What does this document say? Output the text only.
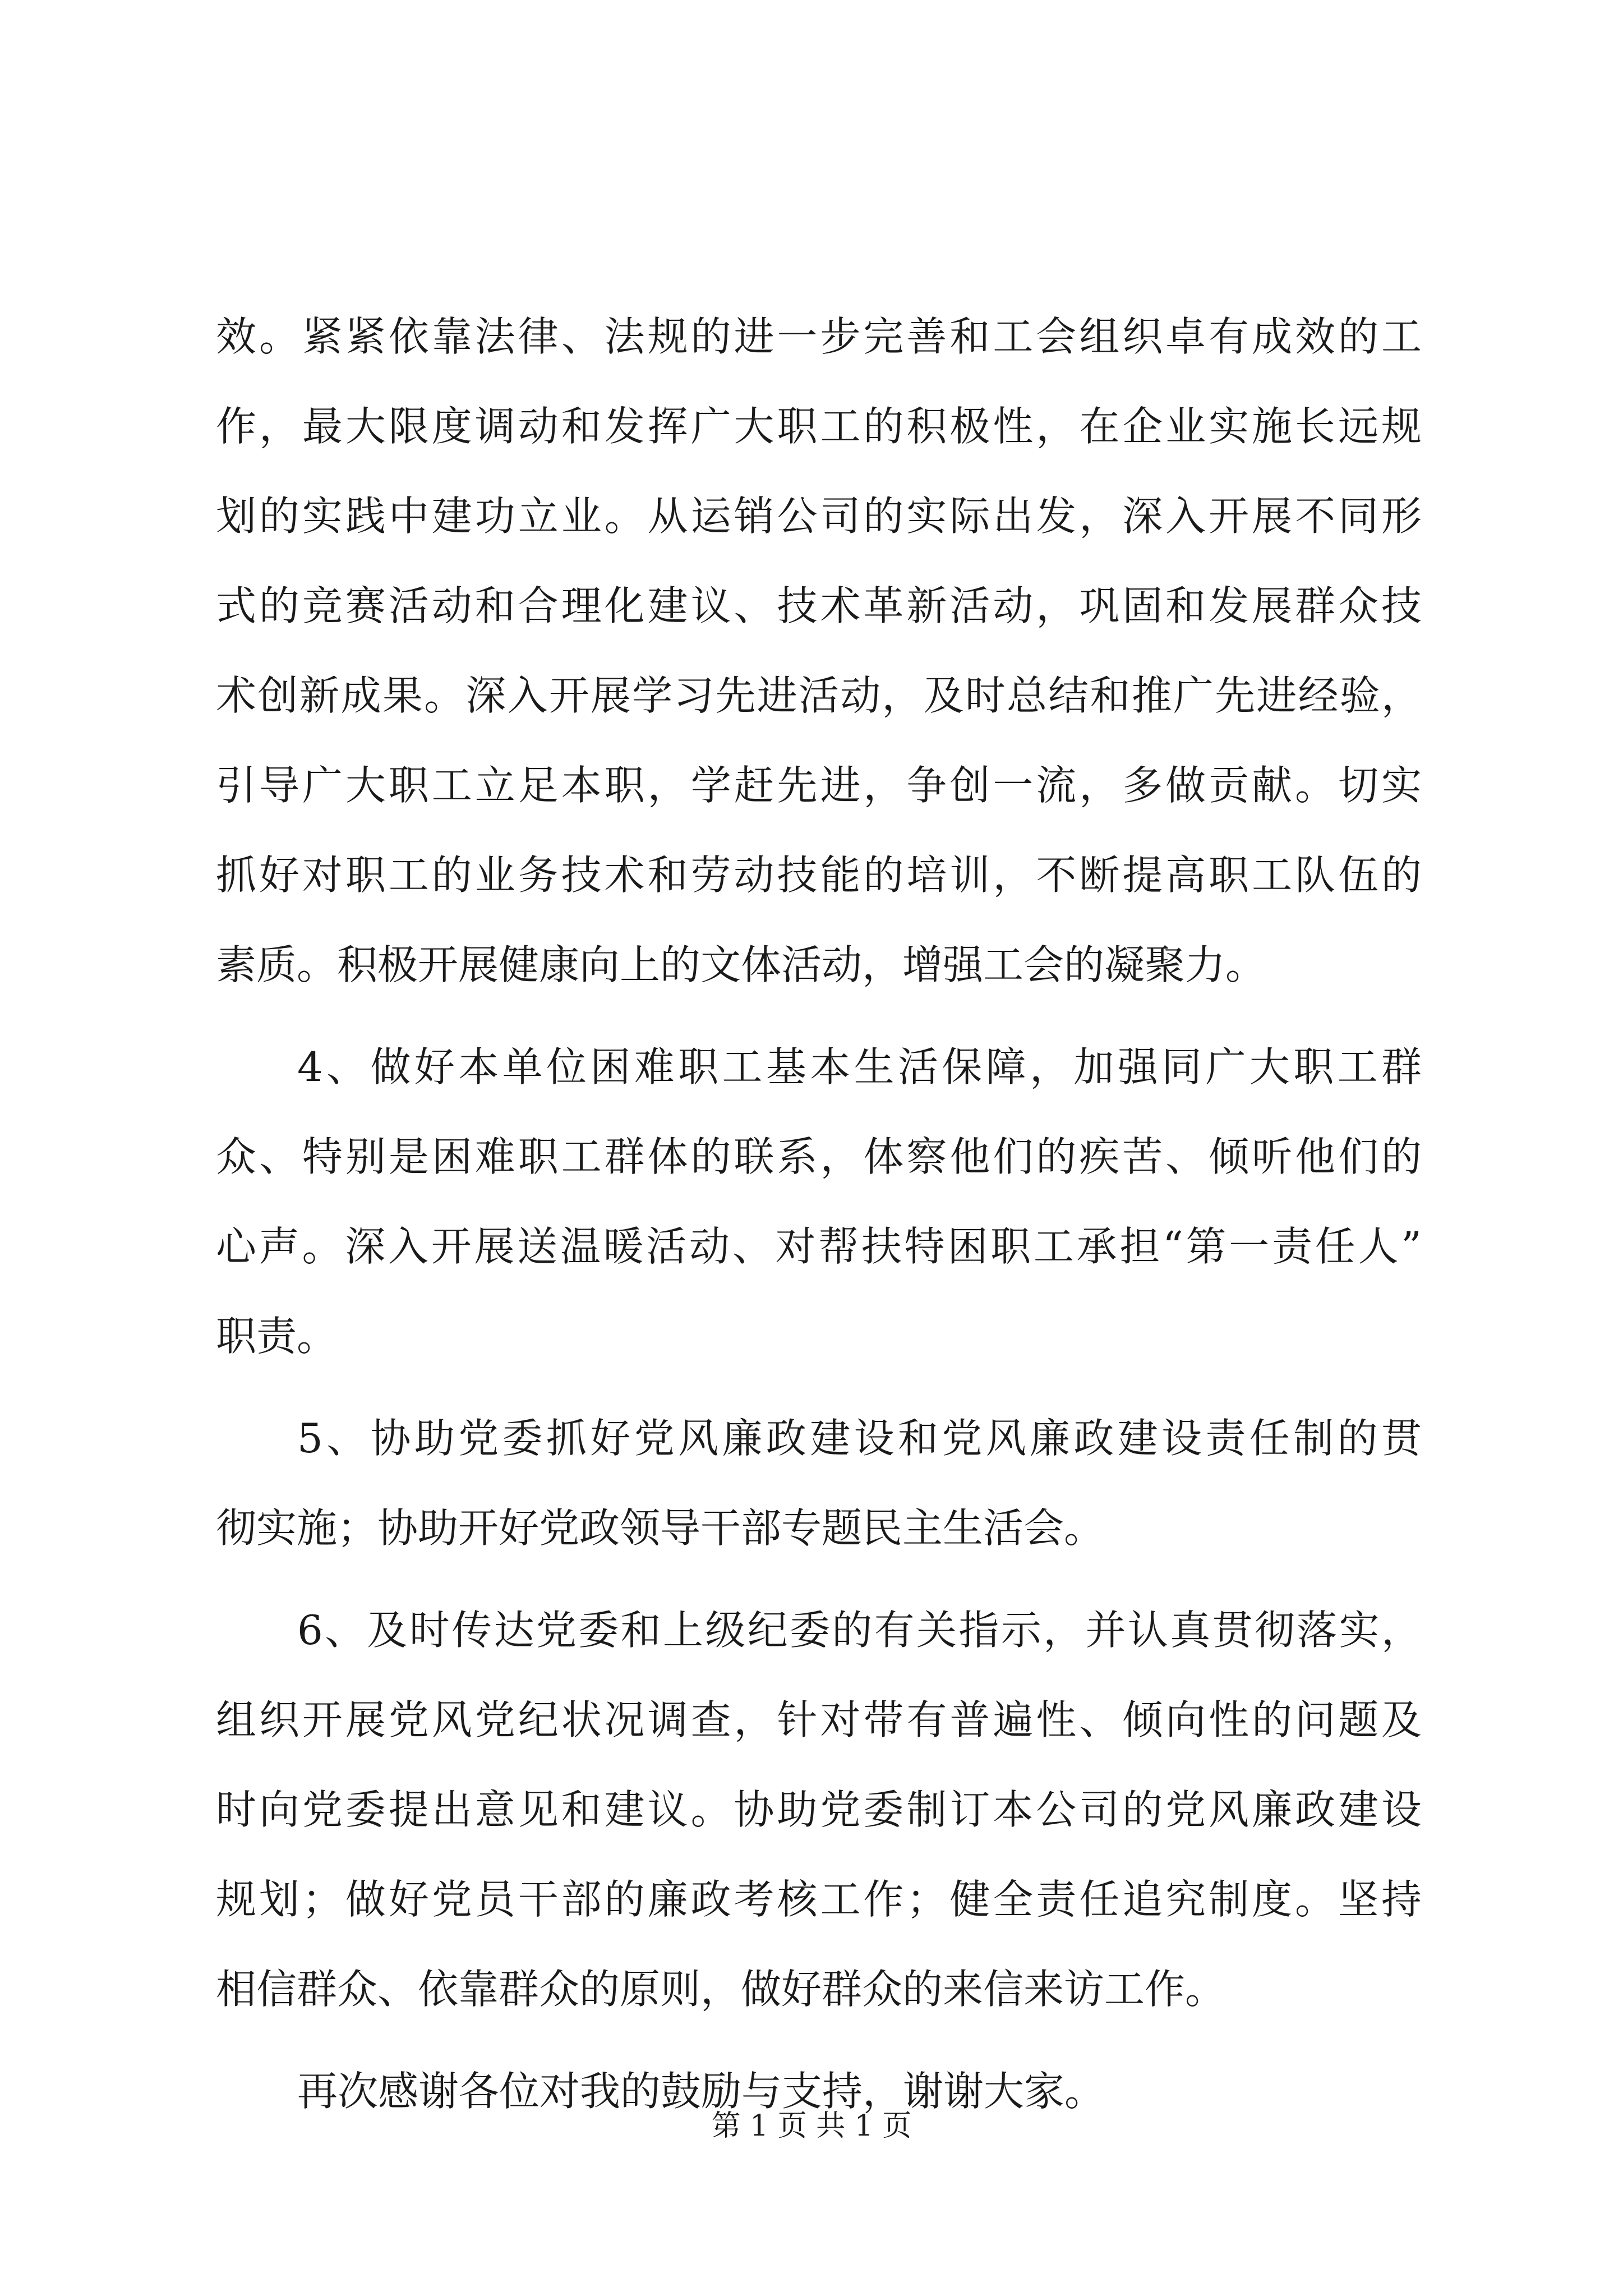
效。紧紧依靠法律、法规的进一步完善和工会组织卓有成效的工
作，最大限度调动和发挥广大职工的积极性，在企业实施长远规
划的实践中建功立业。从运销公司的实际出发，深入开展不同形
式的竞赛活动和合理化建议、技术革新活动，巩固和发展群众技
术创新成果。深入开展学习先进活动，及时总结和推广先进经验，
引导广大职工立足本职，学赶先进，争创一流，多做贡献。切实
抓好对职工的业务技术和劳动技能的培训，不断提高职工队伍的
素质。积极开展健康向上的文体活动，增强工会的凝聚力。
4、做好本单位困难职工基本生活保障，加强同广大职工群
众、特别是困难职工群体的联系，体察他们的疾苦、倾听他们的
心声。深入开展送温暖活动、对帮扶特困职工承担“第一责任人”
职责。
5、协助党委抓好党风廉政建设和党风廉政建设责任制的贯
彻实施；协助开好党政领导干部专题民主生活会。
6、及时传达党委和上级纪委的有关指示，并认真贯彻落实，
组织开展党风党纪状况调查，针对带有普遍性、倾向性的问题及
时向党委提出意见和建议。协助党委制订本公司的党风廉政建设
规划；做好党员干部的廉政考核工作；健全责任追究制度。坚持
相信群众、依靠群众的原则，做好群众的来信来访工作。
再次感谢各位对我的鼓励与支持，谢谢大家。
第 1 页 共 1 页
